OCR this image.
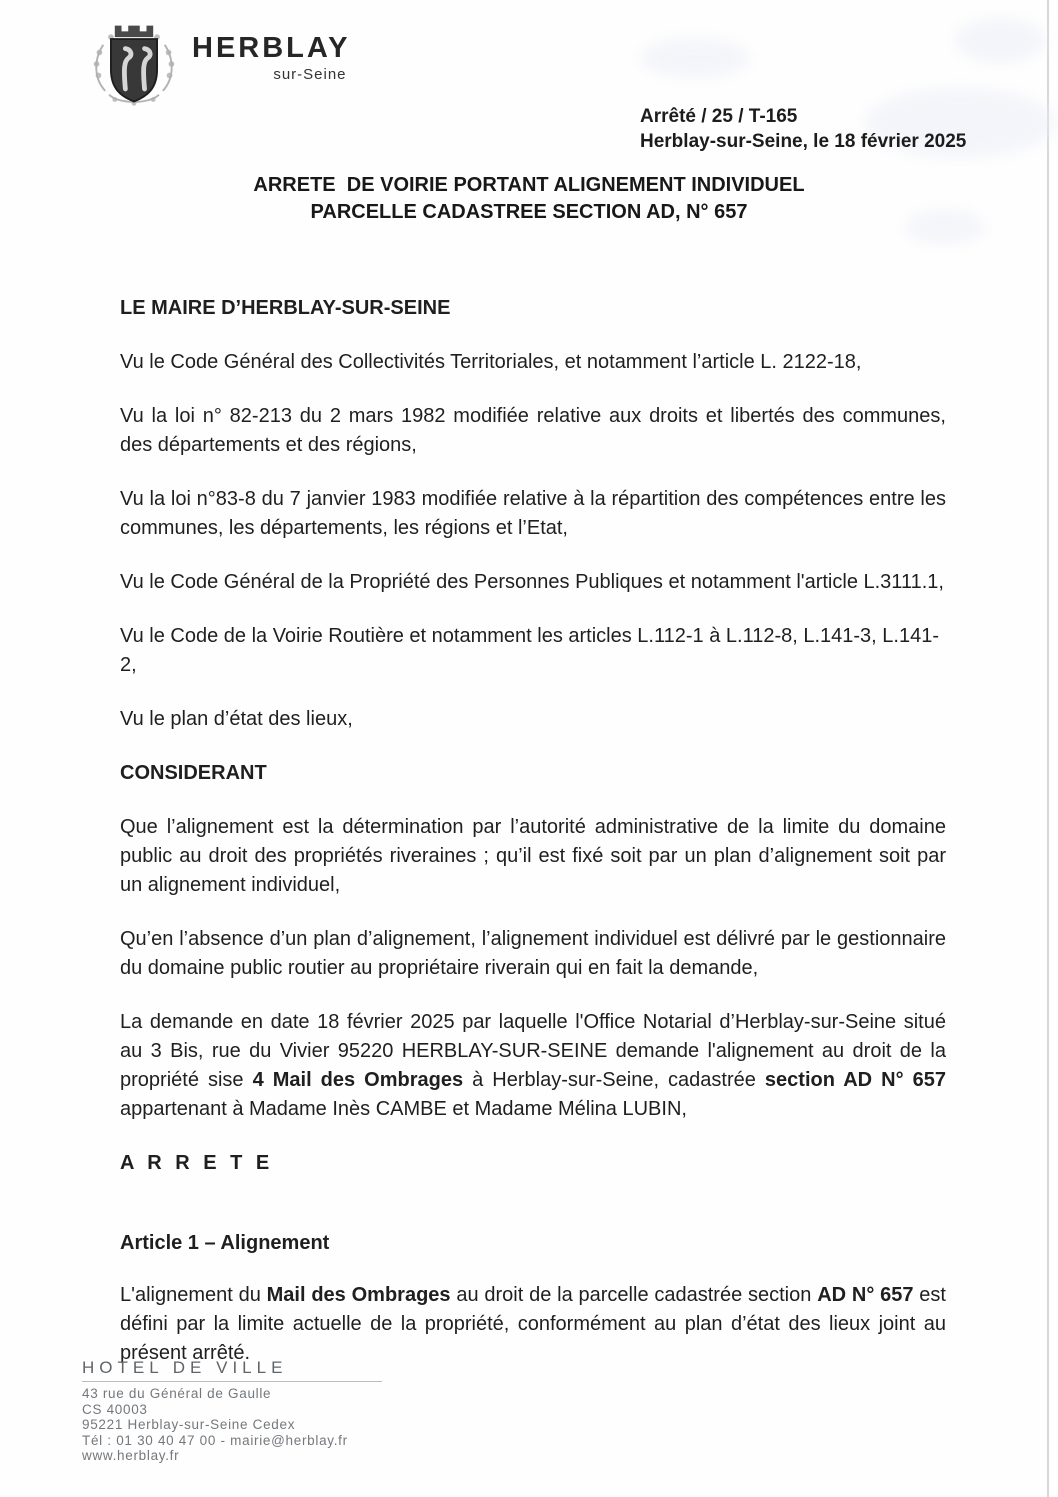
HERBLAY
sur-Seine
Arrêté / 25 / T-165
Herblay-sur-Seine, le 18 février 2025
ARRETE  DE VOIRIE PORTANT ALIGNEMENT INDIVIDUEL
PARCELLE CADASTREE SECTION AD, N° 657

LE MAIRE D’HERBLAY-SUR-SEINE

Vu le Code Général des Collectivités Territoriales, et notamment l’article L. 2122-18,

Vu la loi n° 82-213 du 2 mars 1982 modifiée relative aux droits et libertés des communes, des départements et des régions,

Vu la loi n°83-8 du 7 janvier 1983 modifiée relative à la répartition des compétences entre les communes, les départements, les régions et l’Etat,

Vu le Code Général de la Propriété des Personnes Publiques et notamment l'article L.3111.1,

Vu le Code de la Voirie Routière et notamment les articles L.112-1 à L.112-8, L.141-3, L.141-2,

Vu le plan d’état des lieux,

CONSIDERANT

Que l’alignement est la détermination par l’autorité administrative de la limite du domaine public au droit des propriétés riveraines ; qu’il est fixé soit par un plan d’alignement soit par un alignement individuel,

Qu’en l’absence d’un plan d’alignement, l’alignement individuel est délivré par le gestionnaire du domaine public routier au propriétaire riverain qui en fait la demande,

La demande en date 18 février 2025 par laquelle l'Office Notarial d’Herblay-sur-Seine situé au 3 Bis, rue du Vivier 95220 HERBLAY-SUR-SEINE demande l'alignement au droit de la propriété sise 4 Mail des Ombrages à Herblay-sur-Seine, cadastrée section AD N° 657 appartenant à Madame Inès CAMBE et Madame Mélina LUBIN,

A R R E T E

Article 1 – Alignement

L'alignement du Mail des Ombrages au droit de la parcelle cadastrée section AD N° 657 est défini par la limite actuelle de la propriété, conformément au plan d’état des lieux joint au présent arrêté.

HOTEL DE VILLE
43 rue du Général de Gaulle
CS 40003
95221 Herblay-sur-Seine Cedex
Tél : 01 30 40 47 00 - mairie@herblay.fr
www.herblay.fr
